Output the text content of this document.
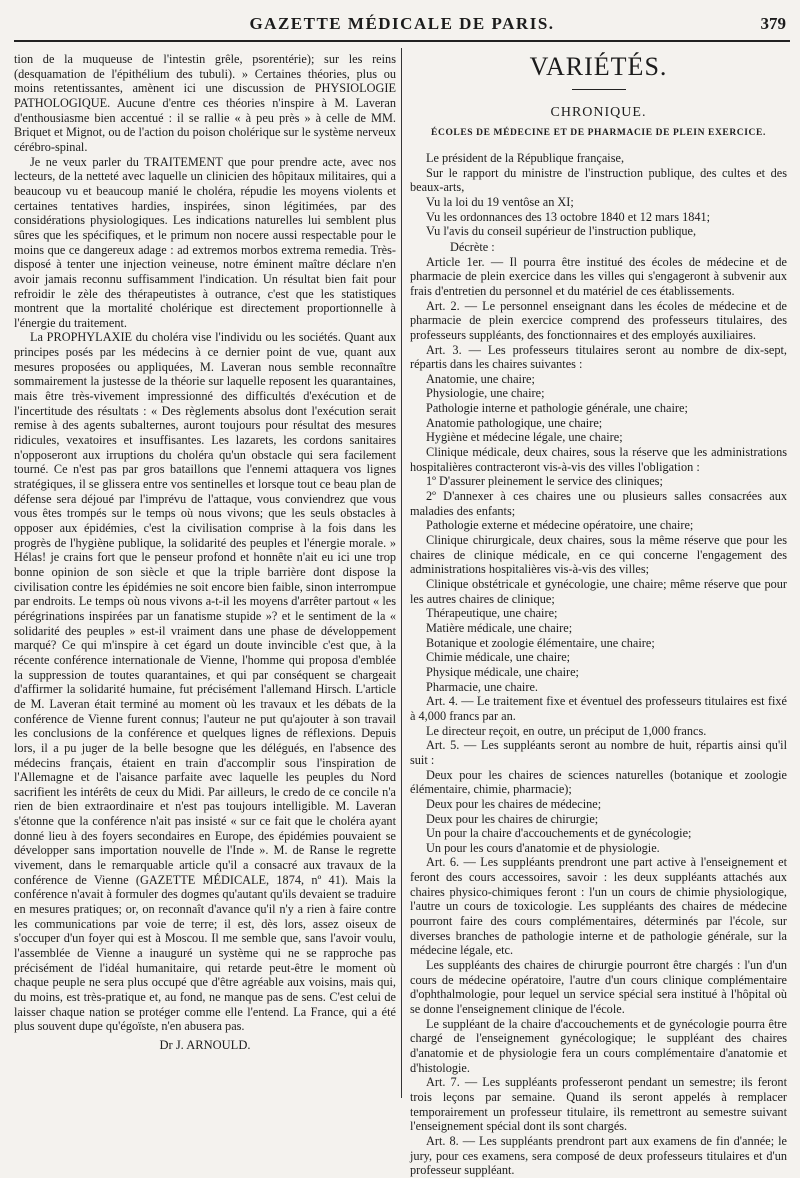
GAZETTE MÉDICALE DE PARIS.	379

tion de la muqueuse de l'intestin grêle, psorentérie); sur les reins (desquamation de l'épithélium des tubuli). » Certaines théories, plus ou moins retentissantes, amènent ici une discussion de PHYSIOLOGIE PATHOLOGIQUE. Aucune d'entre ces théories n'inspire à M. Laveran d'enthousiasme bien accentué : il se rallie « à peu près » à celle de MM. Briquet et Mignot, ou de l'action du poison cholérique sur le système nerveux cérébro-spinal.

Je ne veux parler du TRAITEMENT que pour prendre acte, avec nos lecteurs, de la netteté avec laquelle un clinicien des hôpitaux militaires, qui a beaucoup vu et beaucoup manié le choléra, répudie les moyens violents et certaines tentatives hardies, inspirées, sinon légitimées, par des considérations physiologiques. Les indications naturelles lui semblent plus sûres que les spécifiques, et le primum non nocere aussi respectable pour le moins que ce dangereux adage : ad extremos morbos extrema remedia. Très-disposé à tenter une injection veineuse, notre éminent maître déclare n'en avoir jamais reconnu suffisamment l'indication. Un résultat bien fait pour refroidir le zèle des thérapeutistes à outrance, c'est que les statistiques montrent que la mortalité cholérique est directement proportionnelle à l'énergie du traitement.

La PROPHYLAXIE du choléra vise l'individu ou les sociétés. Quant aux principes posés par les médecins à ce dernier point de vue, quant aux mesures proposées ou appliquées, M. Laveran nous semble reconnaître sommairement la justesse de la théorie sur laquelle reposent les quarantaines, mais être très-vivement impressionné des difficultés d'exécution et de l'incertitude des résultats : « Des règlements absolus dont l'exécution serait remise à des agents subalternes, auront toujours pour résultat des mesures ridicules, vexatoires et insuffisantes. Les lazarets, les cordons sanitaires n'opposeront aux irruptions du choléra qu'un obstacle qui sera facilement tourné. Ce n'est pas par gros bataillons que l'ennemi attaquera vos lignes stratégiques, il se glissera entre vos sentinelles et lorsque tout ce beau plan de défense sera déjoué par l'imprévu de l'attaque, vous conviendrez que vous vous êtes trompés sur le temps où nous vivons; que les seuls obstacles à opposer aux épidémies, c'est la civilisation comprise à la fois dans les progrès de l'hygiène publique, la solidarité des peuples et l'énergie morale. » Hélas! je crains fort que le penseur profond et honnête n'ait eu ici une trop bonne opinion de son siècle et que la triple barrière dont dispose la civilisation contre les épidémies ne soit encore bien faible, sinon interrompue par endroits. Le temps où nous vivons a-t-il les moyens d'arrêter partout « les pérégrinations inspirées par un fanatisme stupide »? et le sentiment de la « solidarité des peuples » est-il vraiment dans une phase de développement marqué? Ce qui m'inspire à cet égard un doute invincible c'est que, à la récente conférence internationale de Vienne, l'homme qui proposa d'emblée la suppression de toutes quarantaines, et qui par conséquent se chargeait d'affirmer la solidarité humaine, fut précisément l'allemand Hirsch. L'article de M. Laveran était terminé au moment où les travaux et les débats de la conférence de Vienne furent connus; l'auteur ne put qu'ajouter à son travail les conclusions de la conférence et quelques lignes de réflexions. Depuis lors, il a pu juger de la belle besogne que les délégués, en l'absence des médecins français, étaient en train d'accomplir sous l'inspiration de l'Allemagne et de l'aisance parfaite avec laquelle les peuples du Nord sacrifient les intérêts de ceux du Midi. Par ailleurs, le credo de ce concile n'a rien de bien extraordinaire et n'est pas toujours intelligible. M. Laveran s'étonne que la conférence n'ait pas insisté « sur ce fait que le choléra ayant donné lieu à des foyers secondaires en Europe, des épidémies pouvaient se développer sans importation nouvelle de l'Inde ». M. de Ranse le regrette vivement, dans le remarquable article qu'il a consacré aux travaux de la conférence de Vienne (GAZETTE MÉDICALE, 1874, nº 41). Mais la conférence n'avait à formuler des dogmes qu'autant qu'ils devaient se traduire en mesures pratiques; or, on reconnaît d'avance qu'il n'y a rien à faire contre les communications par voie de terre; il est, dès lors, assez oiseux de s'occuper d'un foyer qui est à Moscou. Il me semble que, sans l'avoir voulu, l'assemblée de Vienne a inauguré un système qui ne se rapproche pas précisément de l'idéal humanitaire, qui retarde peut-être le moment où chaque peuple ne sera plus occupé que d'être agréable aux voisins, mais qui, du moins, est très-pratique et, au fond, ne manque pas de sens. C'est celui de laisser chaque nation se protéger comme elle l'entend. La France, qui a été plus souvent dupe qu'égoïste, n'en abusera pas.

Dr J. ARNOULD.

VARIÉTÉS.

CHRONIQUE.

ÉCOLES DE MÉDECINE ET DE PHARMACIE DE PLEIN EXERCICE.

Le président de la République française,

Sur le rapport du ministre de l'instruction publique, des cultes et des beaux-arts,

Vu la loi du 19 ventôse an XI;

Vu les ordonnances des 13 octobre 1840 et 12 mars 1841;

Vu l'avis du conseil supérieur de l'instruction publique,

Décrète :

Article 1er. — Il pourra être institué des écoles de médecine et de pharmacie de plein exercice dans les villes qui s'engageront à subvenir aux frais d'entretien du personnel et du matériel de ces établissements.

Art. 2. — Le personnel enseignant dans les écoles de médecine et de pharmacie de plein exercice comprend des professeurs titulaires, des professeurs suppléants, des fonctionnaires et des employés auxiliaires.

Art. 3. — Les professeurs titulaires seront au nombre de dix-sept, répartis dans les chaires suivantes :

Anatomie, une chaire;

Physiologie, une chaire;

Pathologie interne et pathologie générale, une chaire;

Anatomie pathologique, une chaire;

Hygiène et médecine légale, une chaire;

Clinique médicale, deux chaires, sous la réserve que les administrations hospitalières contracteront vis-à-vis des villes l'obligation :

1º D'assurer pleinement le service des cliniques;

2º D'annexer à ces chaires une ou plusieurs salles consacrées aux maladies des enfants;

Pathologie externe et médecine opératoire, une chaire;

Clinique chirurgicale, deux chaires, sous la même réserve que pour les chaires de clinique médicale, en ce qui concerne l'engagement des administrations hospitalières vis-à-vis des villes;

Clinique obstétricale et gynécologie, une chaire; même réserve que pour les autres chaires de clinique;

Thérapeutique, une chaire;

Matière médicale, une chaire;

Botanique et zoologie élémentaire, une chaire;

Chimie médicale, une chaire;

Physique médicale, une chaire;

Pharmacie, une chaire.

Art. 4. — Le traitement fixe et éventuel des professeurs titulaires est fixé à 4,000 francs par an.

Le directeur reçoit, en outre, un préciput de 1,000 francs.

Art. 5. — Les suppléants seront au nombre de huit, répartis ainsi qu'il suit :

Deux pour les chaires de sciences naturelles (botanique et zoologie élémentaire, chimie, pharmacie);

Deux pour les chaires de médecine;

Deux pour les chaires de chirurgie;

Un pour la chaire d'accouchements et de gynécologie;

Un pour les cours d'anatomie et de physiologie.

Art. 6. — Les suppléants prendront une part active à l'enseignement et feront des cours accessoires, savoir : les deux suppléants attachés aux chaires physico-chimiques feront : l'un un cours de chimie physiologique, l'autre un cours de toxicologie. Les suppléants des chaires de médecine pourront faire des cours complémentaires, déterminés par l'école, sur diverses branches de pathologie interne et de pathologie générale, sur la médecine légale, etc.

Les suppléants des chaires de chirurgie pourront être chargés : l'un d'un cours de médecine opératoire, l'autre d'un cours clinique complémentaire d'ophthalmologie, pour lequel un service spécial sera institué à l'hôpital où se donne l'enseignement clinique de l'école.

Le suppléant de la chaire d'accouchements et de gynécologie pourra être chargé de l'enseignement gynécologique; le suppléant des chaires d'anatomie et de physiologie fera un cours complémentaire d'anatomie et d'histologie.

Art. 7. — Les suppléants professeront pendant un semestre; ils feront trois leçons par semaine. Quand ils seront appelés à remplacer temporairement un professeur titulaire, ils remettront au semestre suivant l'enseignement spécial dont ils sont chargés.

Art. 8. — Les suppléants prendront part aux examens de fin d'année; le jury, pour ces examens, sera composé de deux professeurs titulaires et d'un professeur suppléant.
